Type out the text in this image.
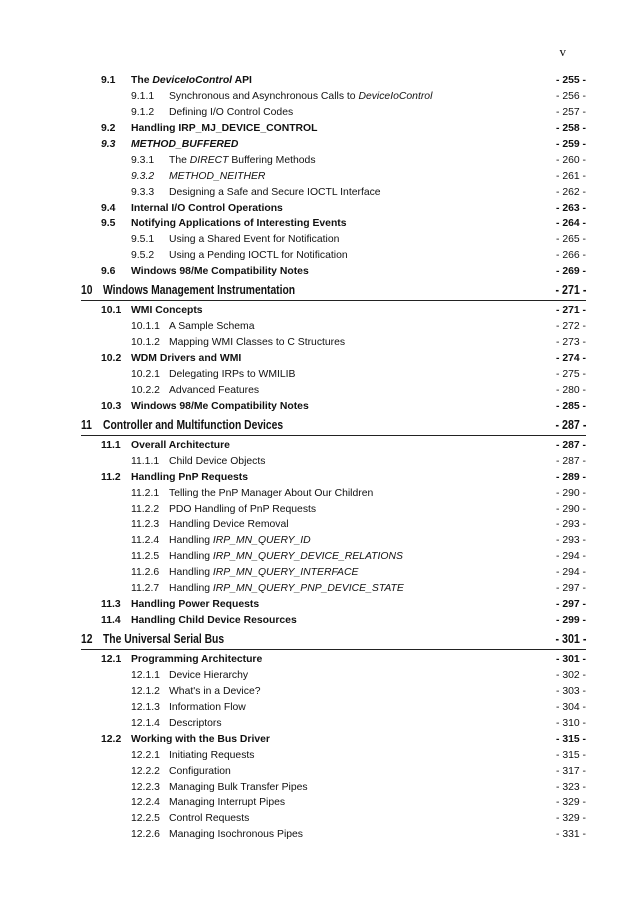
v
9.1 The DeviceIoControl API	- 255 -
9.1.1 Synchronous and Asynchronous Calls to DeviceIoControl	- 256 -
9.1.2 Defining I/O Control Codes	- 257 -
9.2 Handling IRP_MJ_DEVICE_CONTROL	- 258 -
9.3 METHOD_BUFFERED	- 259 -
9.3.1 The DIRECT Buffering Methods	- 260 -
9.3.2 METHOD_NEITHER	- 261 -
9.3.3 Designing a Safe and Secure IOCTL Interface	- 262 -
9.4 Internal I/O Control Operations	- 263 -
9.5 Notifying Applications of Interesting Events	- 264 -
9.5.1 Using a Shared Event for Notification	- 265 -
9.5.2 Using a Pending IOCTL for Notification	- 266 -
9.6 Windows 98/Me Compatibility Notes	- 269 -
10 Windows Management Instrumentation	- 271 -
10.1 WMI Concepts	- 271 -
10.1.1 A Sample Schema	- 272 -
10.1.2 Mapping WMI Classes to C Structures	- 273 -
10.2 WDM Drivers and WMI	- 274 -
10.2.1 Delegating IRPs to WMILIB	- 275 -
10.2.2 Advanced Features	- 280 -
10.3 Windows 98/Me Compatibility Notes	- 285 -
11 Controller and Multifunction Devices	- 287 -
11.1 Overall Architecture	- 287 -
11.1.1 Child Device Objects	- 287 -
11.2 Handling PnP Requests	- 289 -
11.2.1 Telling the PnP Manager About Our Children	- 290 -
11.2.2 PDO Handling of PnP Requests	- 290 -
11.2.3 Handling Device Removal	- 293 -
11.2.4 Handling IRP_MN_QUERY_ID	- 293 -
11.2.5 Handling IRP_MN_QUERY_DEVICE_RELATIONS	- 294 -
11.2.6 Handling IRP_MN_QUERY_INTERFACE	- 294 -
11.2.7 Handling IRP_MN_QUERY_PNP_DEVICE_STATE	- 297 -
11.3 Handling Power Requests	- 297 -
11.4 Handling Child Device Resources	- 299 -
12 The Universal Serial Bus	- 301 -
12.1 Programming Architecture	- 301 -
12.1.1 Device Hierarchy	- 302 -
12.1.2 What's in a Device?	- 303 -
12.1.3 Information Flow	- 304 -
12.1.4 Descriptors	- 310 -
12.2 Working with the Bus Driver	- 315 -
12.2.1 Initiating Requests	- 315 -
12.2.2 Configuration	- 317 -
12.2.3 Managing Bulk Transfer Pipes	- 323 -
12.2.4 Managing Interrupt Pipes	- 329 -
12.2.5 Control Requests	- 329 -
12.2.6 Managing Isochronous Pipes	- 331 -
